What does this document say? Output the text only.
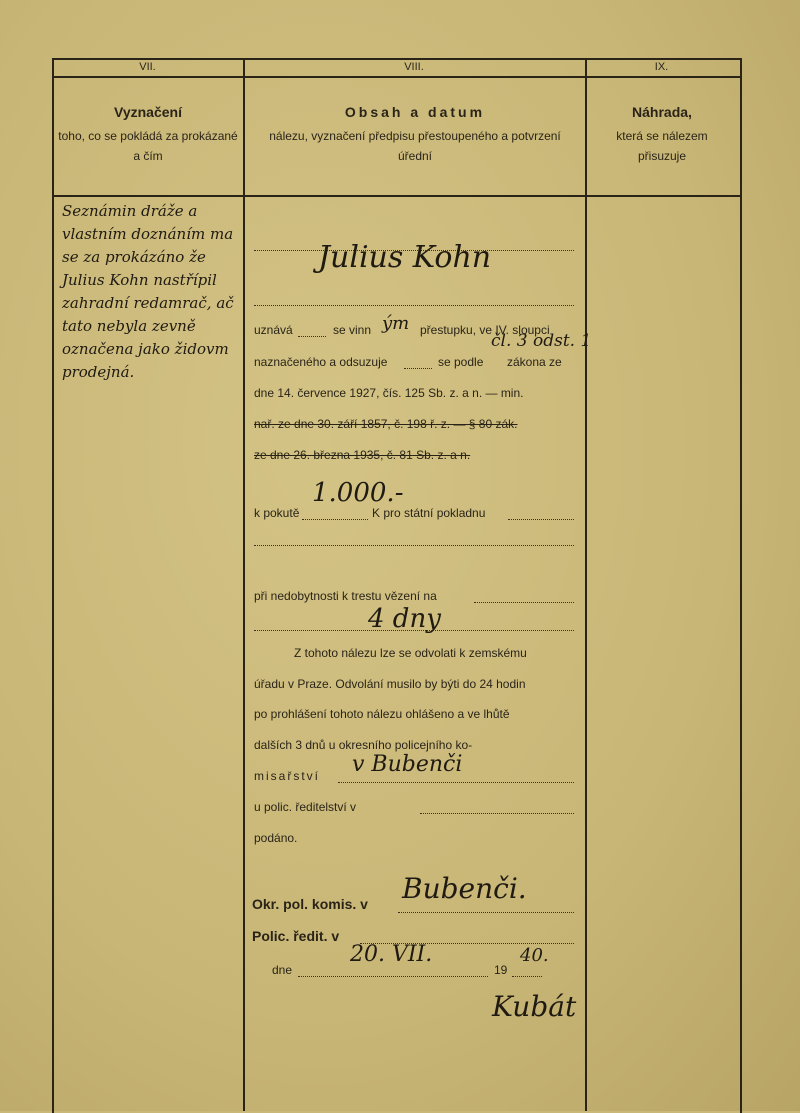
VII.	VIII.	IX.
Vyznačení
toho, co se pokládá za prokázané a čím
Obsah a datum
nálezu, vyznačení předpisu přestoupeného a potvrzení úřední
Náhrada,
která se nálezem přisuzuje
Seznámin dráže a vlastním doznáním ma se za prokázáno že Julius Kohn nastřípil zahradní redamrač, ač tato nebyla zevně označena jako židovm prodejná.
Julius Kohn
uznává	se vinn ým přestupku, ve IV. sloupci
naznačeného a odsuzuje	se podle
čl. 3 odst. 1
zákona ze
dne 14. července 1927, čís. 125 Sb. z. a n. — min.
nař. ze dne 30. září 1857, č. 198 ř. z. — § 80 zák.
ze dne 26. března 1935, č. 81 Sb. z. a n.
1.000.-
k pokutě	K pro státní pokladnu
při nedobytnosti k trestu vězení na
4 dny
Z tohoto nálezu lze se odvolati k zemskému
úřadu v Praze. Odvolání musilo by býti do 24 hodin
po prohlášení tohoto nálezu ohlášeno a ve lhůtě
dalších 3 dnů u okresního policejního ko-
misařství v Bubenči
u polic. ředitelství v
podáno.
Okr. pol. komis. v Bubenči.
Polic. ředit. v
dne
20. VII.
19
40.
Kubát
